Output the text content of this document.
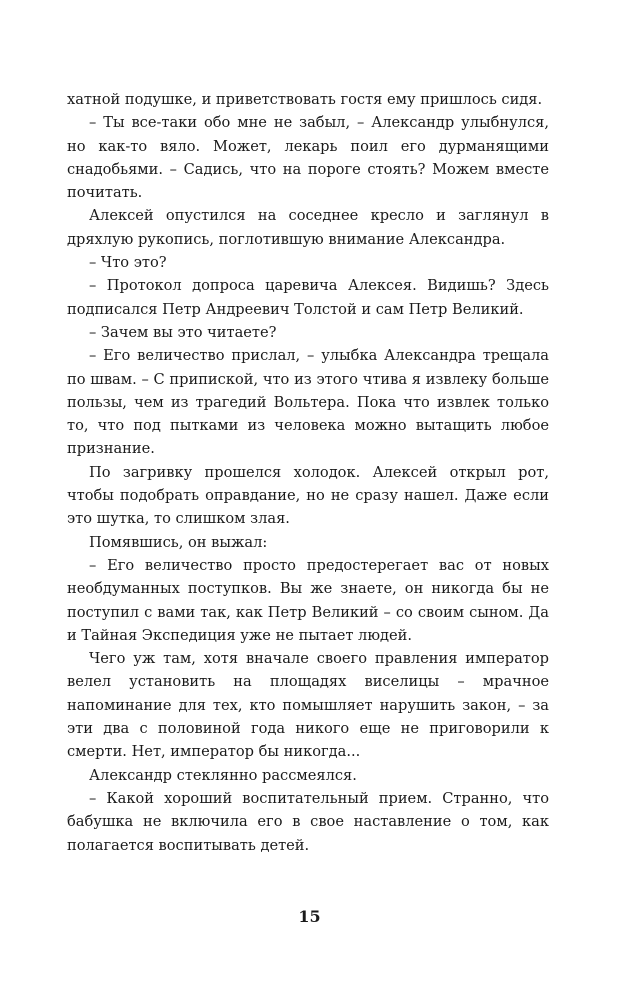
хатной подушке, и приветствовать гостя ему пришлось сидя.

– Ты все-таки обо мне не забыл, – Александр улыбнулся, но как-то вяло. Может, лекарь поил его дурманящими снадобьями. – Садись, что на пороге стоять? Можем вместе почитать.

Алексей опустился на соседнее кресло и заглянул в дряхлую рукопись, поглотившую внимание Александра.

– Что это?

– Протокол допроса царевича Алексея. Видишь? Здесь подписался Петр Андреевич Толстой и сам Петр Великий.

– Зачем вы это читаете?

– Его величество прислал, – улыбка Александра трещала по швам. – С припиской, что из этого чтива я извлеку больше пользы, чем из трагедий Вольтера. Пока что извлек только то, что под пытками из человека можно вытащить любое признание.

По загривку прошелся холодок. Алексей открыл рот, чтобы подобрать оправдание, но не сразу нашел. Даже если это шутка, то слишком злая.

Помявшись, он выжал:

– Его величество просто предостерегает вас от новых необдуманных поступков. Вы же знаете, он никогда бы не поступил с вами так, как Петр Великий – со своим сыном. Да и Тайная Экспедиция уже не пытает людей.

Чего уж там, хотя вначале своего правления император велел установить на площадях виселицы – мрачное напоминание для тех, кто помышляет нарушить закон, – за эти два с половиной года никого еще не приговорили к смерти. Нет, император бы никогда...

Александр стеклянно рассмеялся.

– Какой хороший воспитательный прием. Странно, что бабушка не включила его в свое наставление о том, как полагается воспитывать детей.

15
